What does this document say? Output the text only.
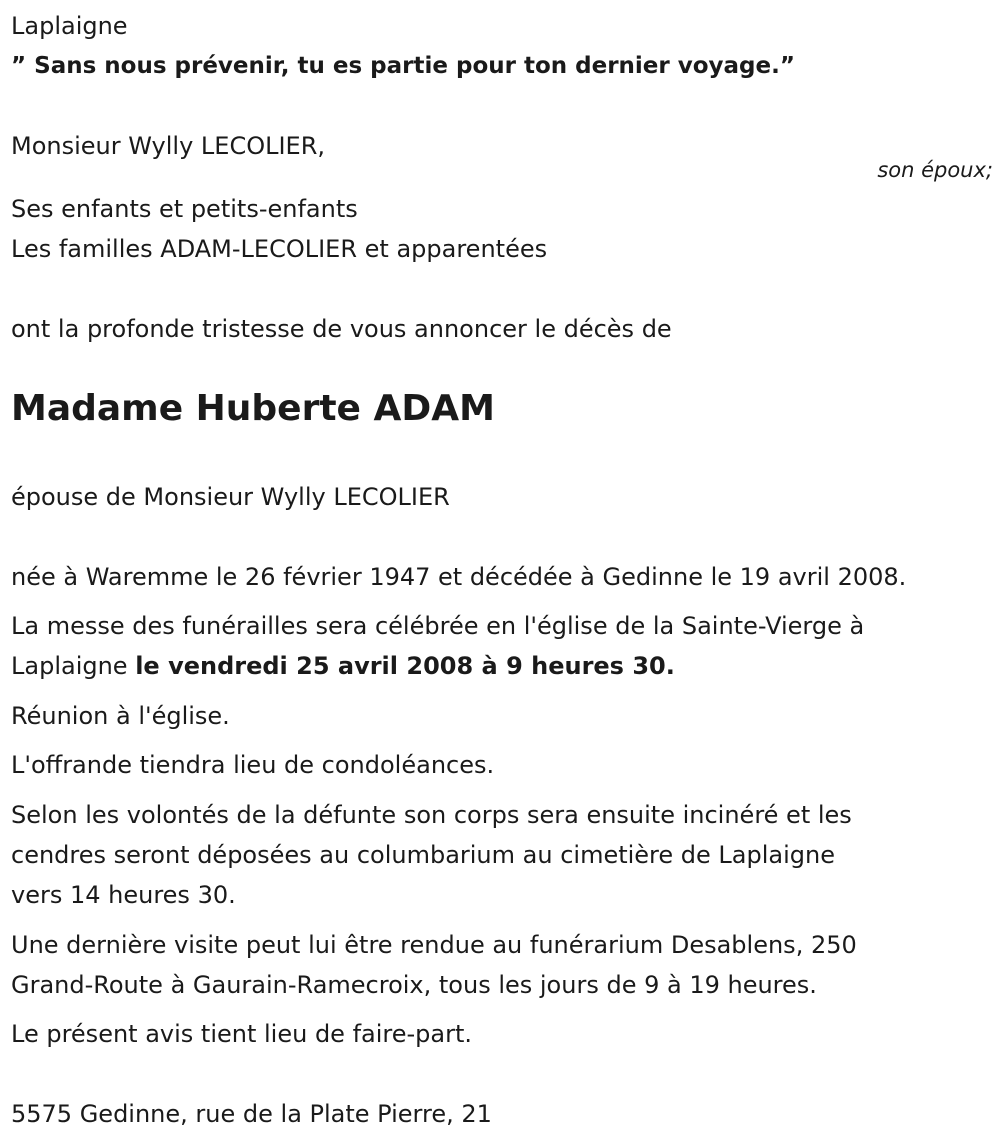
Laplaigne
” Sans nous prévenir, tu es partie pour ton dernier voyage.”
Monsieur Wylly LECOLIER,
son époux;
Ses enfants et petits-enfants
Les familles ADAM-LECOLIER et apparentées
ont la profonde tristesse de vous annoncer le décès de
Madame Huberte ADAM
épouse de Monsieur Wylly LECOLIER
née à Waremme le 26 février 1947 et décédée à Gedinne le 19 avril 2008.
La messe des funérailles sera célébrée en l'église de la Sainte-Vierge à
Laplaigne le vendredi 25 avril 2008 à 9 heures 30.
Réunion à l'église.
L'offrande tiendra lieu de condoléances.
Selon les volontés de la défunte son corps sera ensuite incinéré et les
cendres seront déposées au columbarium au cimetière de Laplaigne
vers 14 heures 30.
Une dernière visite peut lui être rendue au funérarium Desablens, 250
Grand-Route à Gaurain-Ramecroix, tous les jours de 9 à 19 heures.
Le présent avis tient lieu de faire-part.
5575 Gedinne, rue de la Plate Pierre, 21
